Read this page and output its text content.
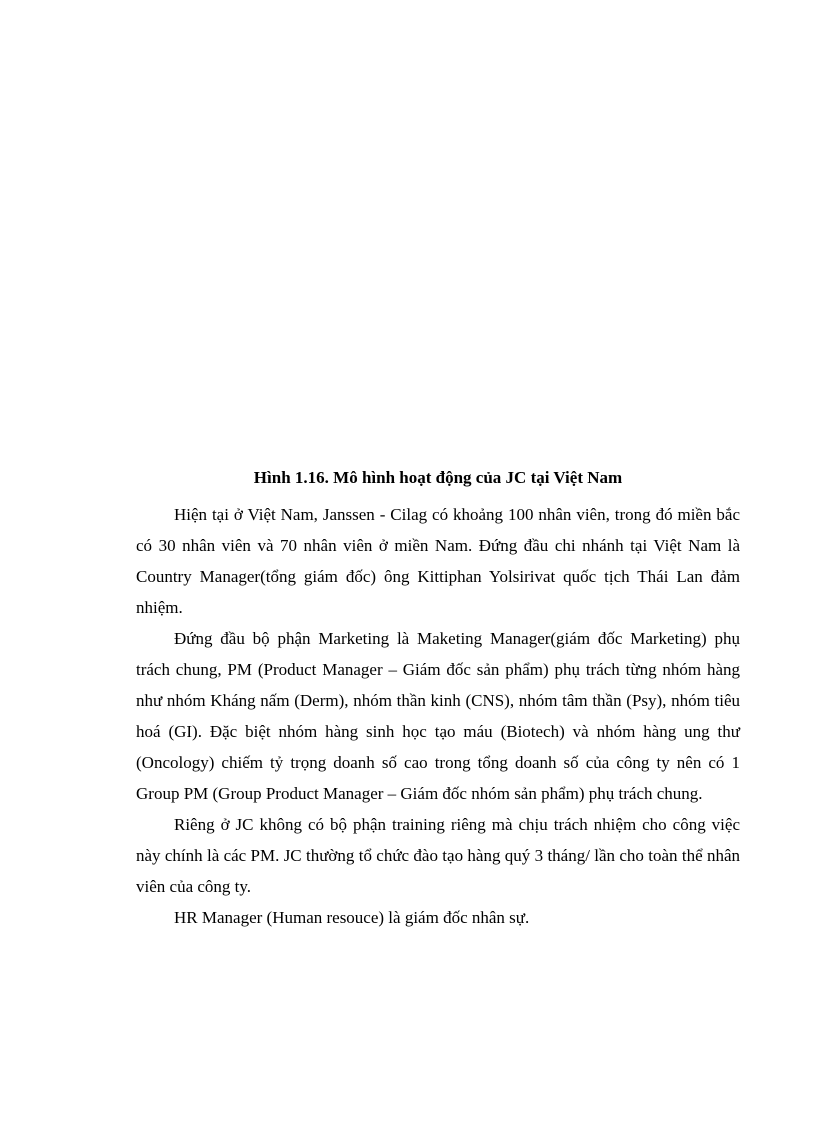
Hình 1.16. Mô hình hoạt động của JC tại Việt Nam

Hiện tại ở Việt Nam, Janssen - Cilag có khoảng 100 nhân viên, trong đó miền bắc có 30 nhân viên và 70 nhân viên ở miền Nam. Đứng đầu chi nhánh tại Việt Nam là Country Manager(tổng giám đốc) ông Kittiphan Yolsirivat quốc tịch Thái Lan đảm nhiệm.

Đứng đầu bộ phận Marketing là Maketing Manager(giám đốc Marketing) phụ trách chung, PM (Product Manager – Giám đốc sản phẩm) phụ trách từng nhóm hàng như nhóm Kháng nấm (Derm), nhóm thần kinh (CNS), nhóm tâm thần (Psy), nhóm tiêu hoá (GI). Đặc biệt nhóm hàng sinh học tạo máu (Biotech) và nhóm hàng ung thư (Oncology) chiếm tỷ trọng doanh số cao trong tổng doanh số của công ty nên có 1 Group PM (Group Product Manager – Giám đốc nhóm sản phẩm) phụ trách chung.

Riêng ở JC không có bộ phận training riêng mà chịu trách nhiệm cho công việc này chính là các PM. JC thường tổ chức đào tạo hàng quý 3 tháng/ lần cho toàn thể nhân viên của công ty.

HR Manager (Human resouce) là giám đốc nhân sự.
